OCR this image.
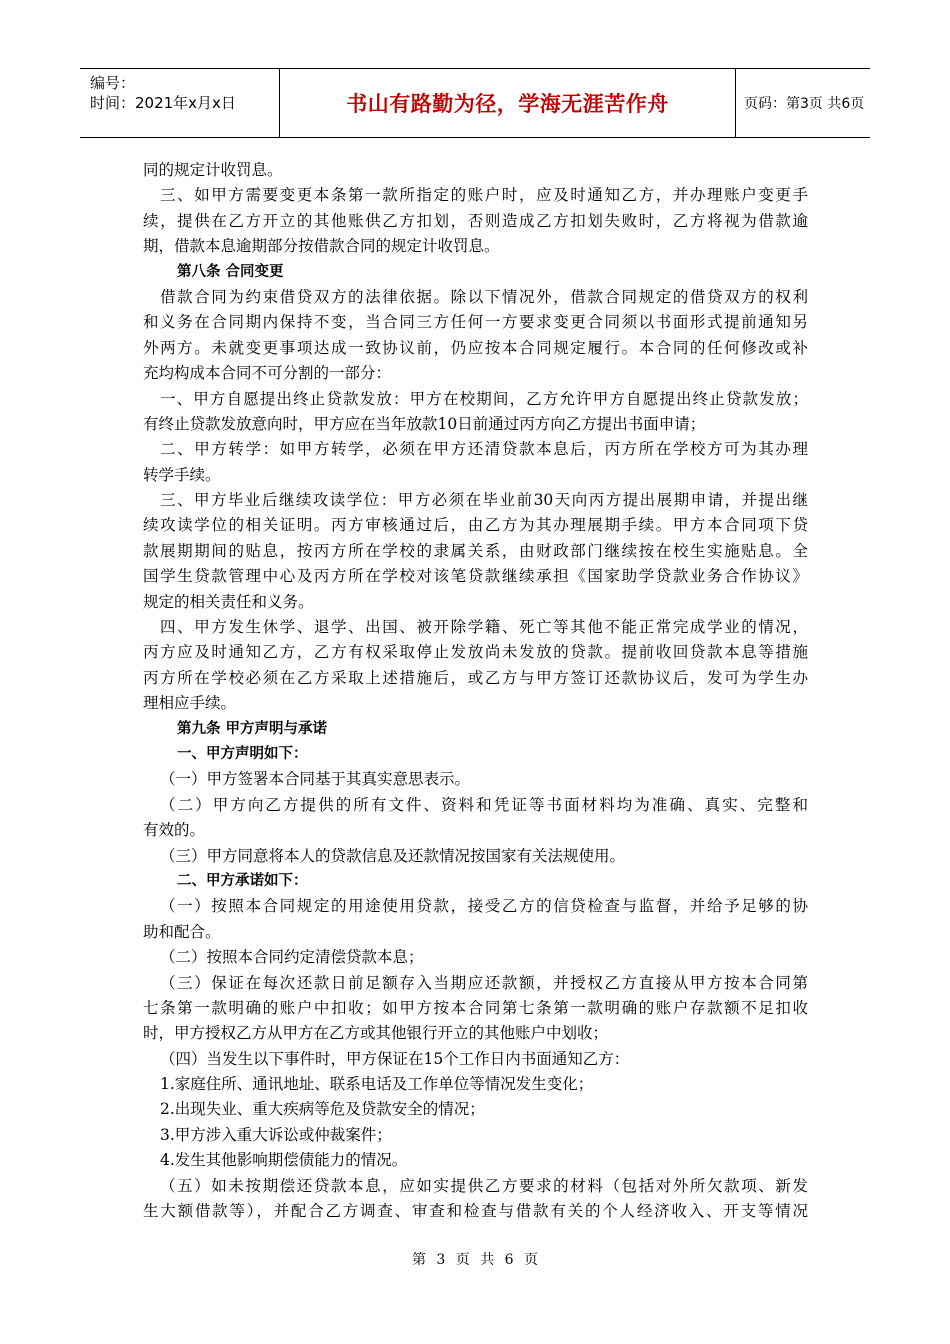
编号：
时间：2021年x月x日	书山有路勤为径，学海无涯苦作舟	页码：第3页 共6页
同的规定计收罚息。
三、如甲方需要变更本条第一款所指定的账户时，应及时通知乙方，并办理账户变更手
续，提供在乙方开立的其他账供乙方扣划，否则造成乙方扣划失败时，乙方将视为借款逾
期，借款本息逾期部分按借款合同的规定计收罚息。
第八条 合同变更
借款合同为约束借贷双方的法律依据。除以下情况外，借款合同规定的借贷双方的权利
和义务在合同期内保持不变，当合同三方任何一方要求变更合同须以书面形式提前通知另
外两方。未就变更事项达成一致协议前，仍应按本合同规定履行。本合同的任何修改或补
充均构成本合同不可分割的一部分：
一、甲方自愿提出终止贷款发放：甲方在校期间，乙方允许甲方自愿提出终止贷款发放；
有终止贷款发放意向时，甲方应在当年放款10日前通过丙方向乙方提出书面申请；
二、甲方转学：如甲方转学，必须在甲方还清贷款本息后，丙方所在学校方可为其办理
转学手续。
三、甲方毕业后继续攻读学位：甲方必须在毕业前30天向丙方提出展期申请，并提出继
续攻读学位的相关证明。丙方审核通过后，由乙方为其办理展期手续。甲方本合同项下贷
款展期期间的贴息，按丙方所在学校的隶属关系，由财政部门继续按在校生实施贴息。全
国学生贷款管理中心及丙方所在学校对该笔贷款继续承担《国家助学贷款业务合作协议》
规定的相关责任和义务。
四、甲方发生休学、退学、出国、被开除学籍、死亡等其他不能正常完成学业的情况，
丙方应及时通知乙方，乙方有权采取停止发放尚未发放的贷款。提前收回贷款本息等措施
丙方所在学校必须在乙方采取上述措施后，或乙方与甲方签订还款协议后，发可为学生办
理相应手续。
第九条 甲方声明与承诺
一、甲方声明如下：
（一）甲方签署本合同基于其真实意思表示。
（二）甲方向乙方提供的所有文件、资料和凭证等书面材料均为准确、真实、完整和
有效的。
（三）甲方同意将本人的贷款信息及还款情况按国家有关法规使用。
二、甲方承诺如下：
（一）按照本合同规定的用途使用贷款，接受乙方的信贷检查与监督，并给予足够的协
助和配合。
（二）按照本合同约定清偿贷款本息；
（三）保证在每次还款日前足额存入当期应还款额，并授权乙方直接从甲方按本合同第
七条第一款明确的账户中扣收；如甲方按本合同第七条第一款明确的账户存款额不足扣收
时，甲方授权乙方从甲方在乙方或其他银行开立的其他账户中划收；
（四）当发生以下事件时，甲方保证在15个工作日内书面通知乙方：
1.家庭住所、通讯地址、联系电话及工作单位等情况发生变化；
2.出现失业、重大疾病等危及贷款安全的情况；
3.甲方涉入重大诉讼或仲裁案件；
4.发生其他影响期偿债能力的情况。
（五）如未按期偿还贷款本息，应如实提供乙方要求的材料（包括对外所欠款项、新发
生大额借款等），并配合乙方调查、审查和检查与借款有关的个人经济收入、开支等情况
第 3 页 共 6 页
